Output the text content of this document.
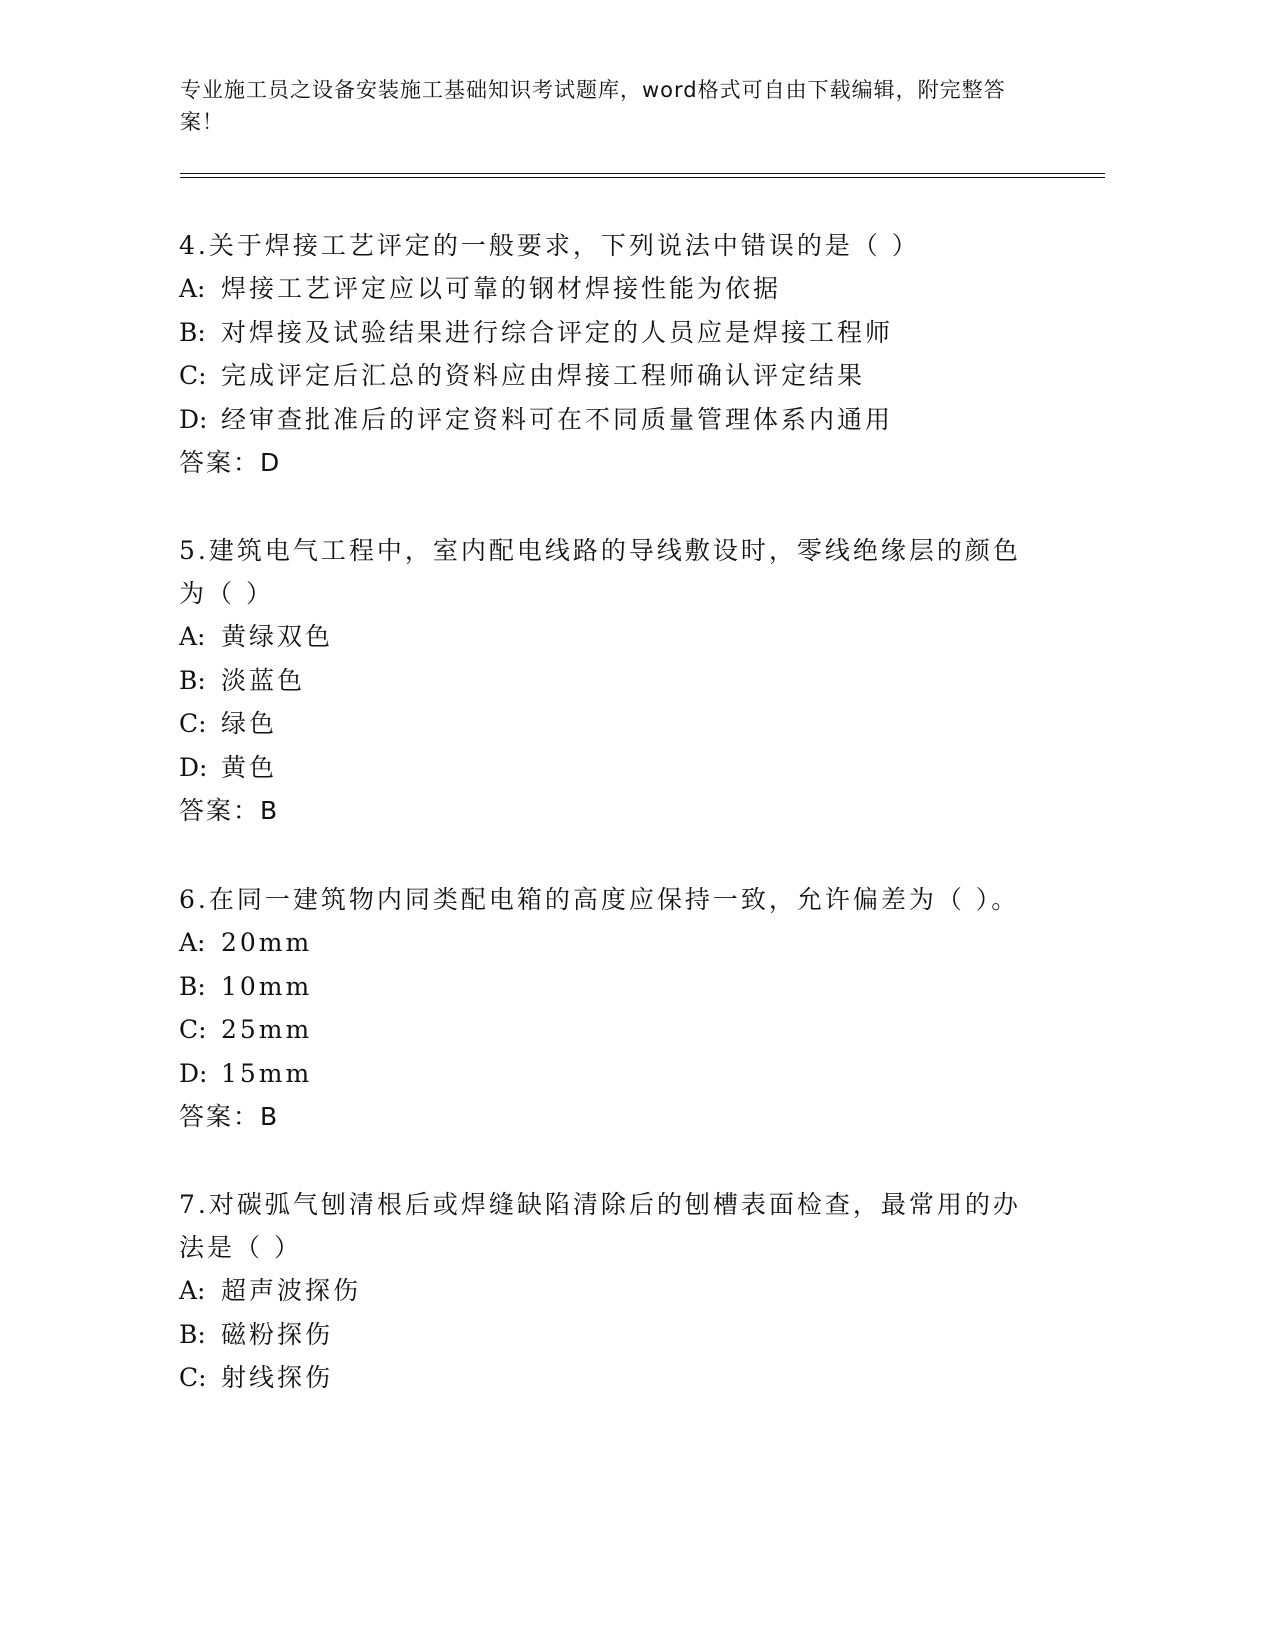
专业施工员之设备安装施工基础知识考试题库，word格式可自由下载编辑，附完整答案！

4.关于焊接工艺评定的一般要求，下列说法中错误的是（ ）

A: 焊接工艺评定应以可靠的钢材焊接性能为依据

B: 对焊接及试验结果进行综合评定的人员应是焊接工程师

C: 完成评定后汇总的资料应由焊接工程师确认评定结果

D: 经审查批准后的评定资料可在不同质量管理体系内通用

答案：D

5.建筑电气工程中，室内配电线路的导线敷设时，零线绝缘层的颜色为（ ）

A: 黄绿双色

B: 淡蓝色

C: 绿色

D: 黄色

答案：B

6.在同一建筑物内同类配电箱的高度应保持一致，允许偏差为（ ）。

A: 20mm

B: 10mm

C: 25mm

D: 15mm

答案：B

7.对碳弧气刨清根后或焊缝缺陷清除后的刨槽表面检查，最常用的办法是（ ）

A: 超声波探伤

B: 磁粉探伤

C: 射线探伤
